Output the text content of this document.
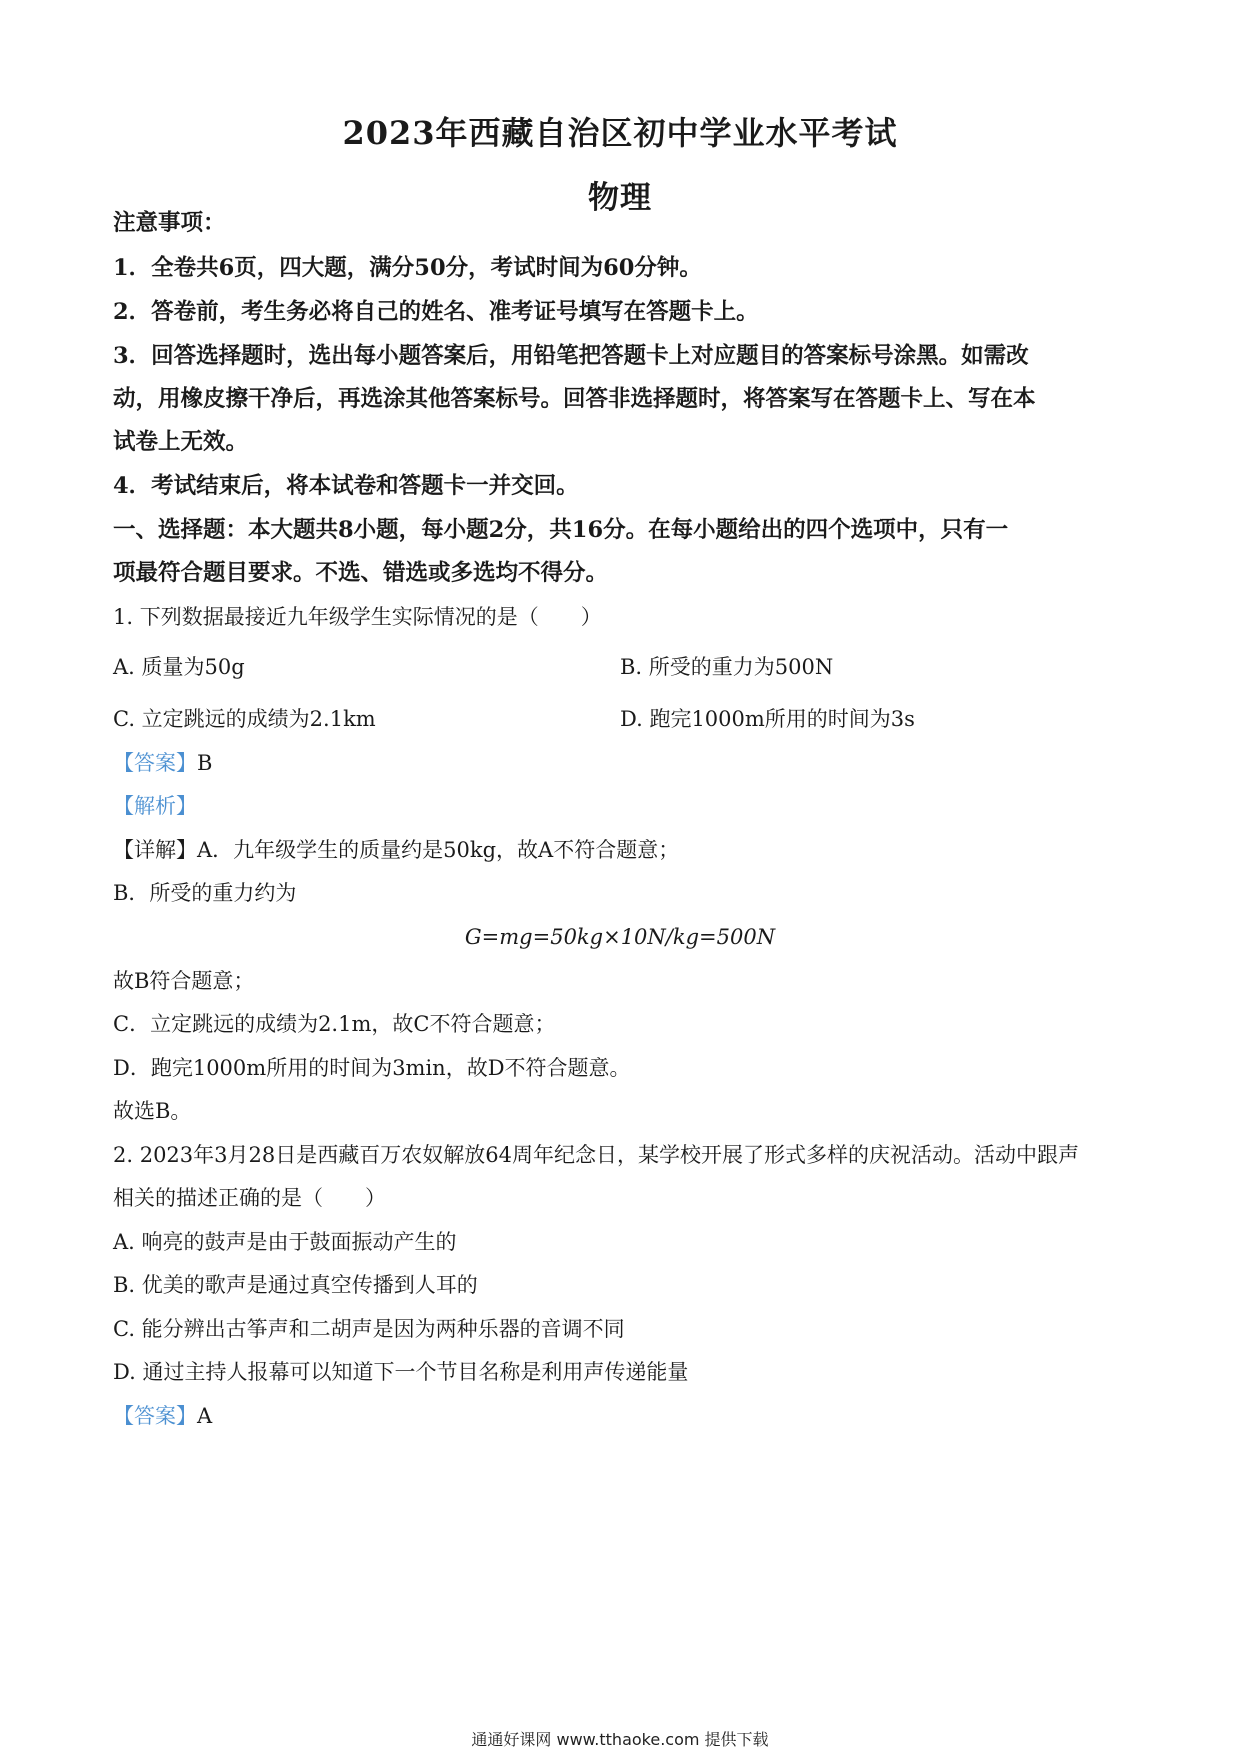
2023年西藏自治区初中学业水平考试
物理
注意事项：
1．全卷共6页，四大题，满分50分，考试时间为60分钟。
2．答卷前，考生务必将自己的姓名、准考证号填写在答题卡上。
3．回答选择题时，选出每小题答案后，用铅笔把答题卡上对应题目的答案标号涂黑。如需改
动，用橡皮擦干净后，再选涂其他答案标号。回答非选择题时，将答案写在答题卡上、写在本
试卷上无效。
4．考试结束后，将本试卷和答题卡一并交回。
一、选择题：本大题共8小题，每小题2分，共16分。在每小题给出的四个选项中，只有一
项最符合题目要求。不选、错选或多选均不得分。
1. 下列数据最接近九年级学生实际情况的是（　　）
A. 质量为50g	B. 所受的重力为500N
C. 立定跳远的成绩为2.1km	D. 跑完1000m所用的时间为3s
【答案】B
【解析】
【详解】A．九年级学生的质量约是50kg，故A不符合题意；
B．所受的重力约为
G=mg=50kg×10N/kg=500N
故B符合题意；
C．立定跳远的成绩为2.1m，故C不符合题意；
D．跑完1000m所用的时间为3min，故D不符合题意。
故选B。
2. 2023年3月28日是西藏百万农奴解放64周年纪念日，某学校开展了形式多样的庆祝活动。活动中跟声
相关的描述正确的是（　　）
A. 响亮的鼓声是由于鼓面振动产生的
B. 优美的歌声是通过真空传播到人耳的
C. 能分辨出古筝声和二胡声是因为两种乐器的音调不同
D. 通过主持人报幕可以知道下一个节目名称是利用声传递能量
【答案】A
通通好课网 www.tthaoke.com 提供下载
